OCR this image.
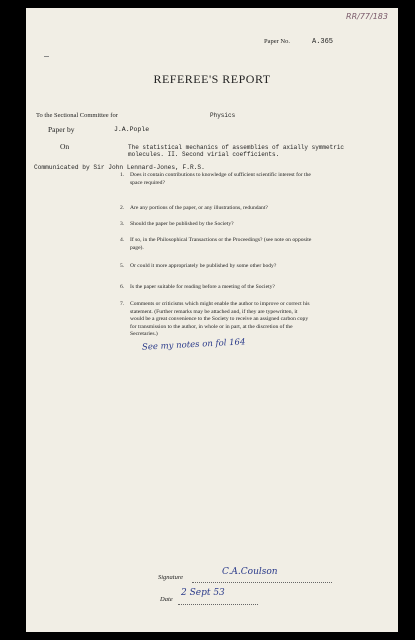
RR/77/183
Paper No.	A.365
REFEREE'S REPORT
To the Sectional Committee for	Physics
Paper by	J.A.Pople
On	The statistical mechanics of assemblies of axially symmetric
molecules. II. Second virial coefficients.
Communicated by Sir John Lennard-Jones, F.R.S.
1. Does it contain contributions to knowledge of sufficient scientific interest for the
space required?
2. Are any portions of the paper, or any illustrations, redundant?
3. Should the paper be published by the Society?
4. If so, in the Philosophical Transactions or the Proceedings? (see note on opposite
page).
5. Or could it more appropriately be published by some other body?
6. Is the paper suitable for reading before a meeting of the Society?
7. Comments or criticisms which might enable the author to improve or correct his
statement. (Further remarks may be attached and, if they are typewritten, it
would be a great convenience to the Society to receive an assigned carbon copy
for transmission to the author, in whole or in part, at the discretion of the
Secretaries.)
See my notes on fol 164
Signature
C.A.Coulson
Date
2 Sept 53
